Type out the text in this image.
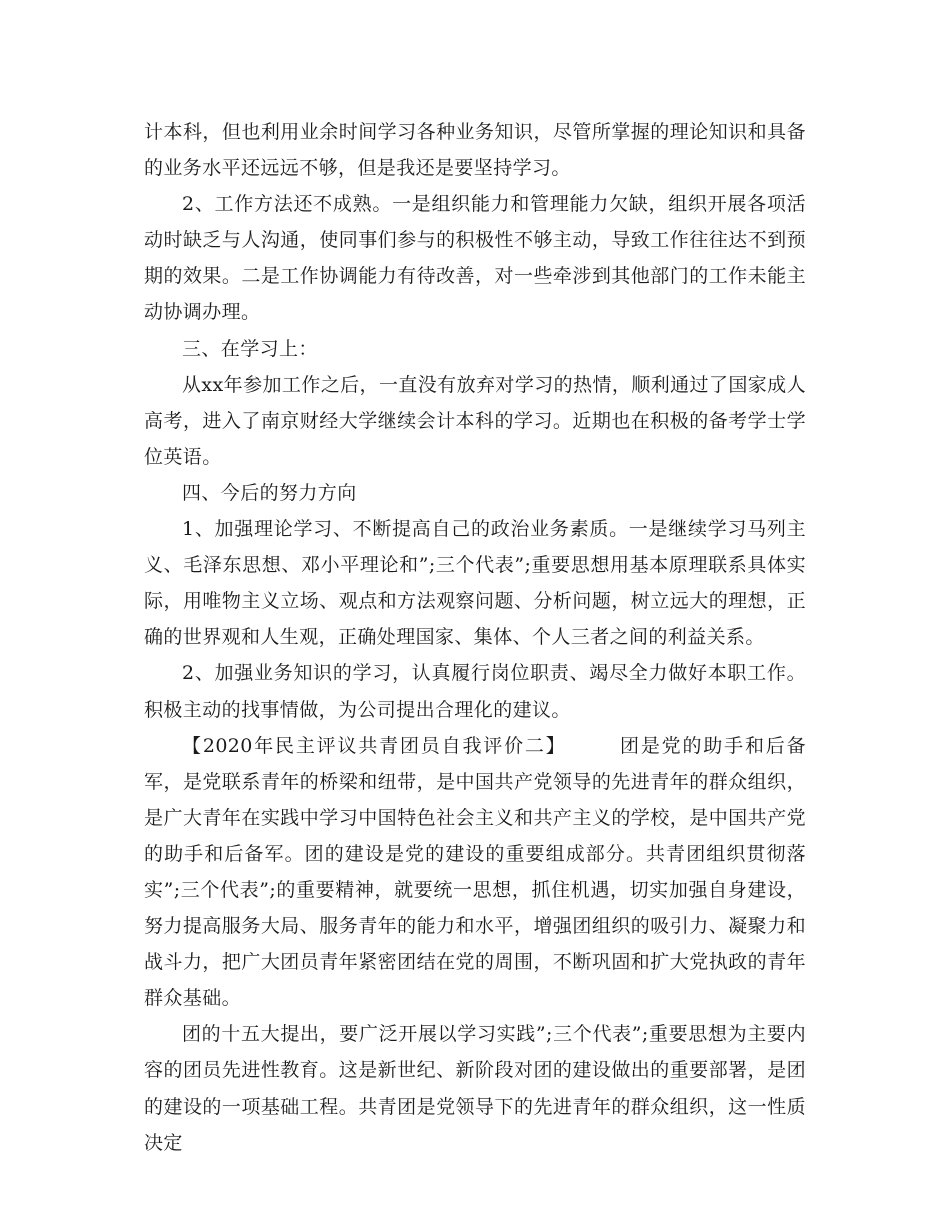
计本科，但也利用业余时间学习各种业务知识，尽管所掌握的理论知识和具备的业务水平还远远不够，但是我还是要坚持学习。

2、工作方法还不成熟。一是组织能力和管理能力欠缺，组织开展各项活动时缺乏与人沟通，使同事们参与的积极性不够主动，导致工作往往达不到预期的效果。二是工作协调能力有待改善，对一些牵涉到其他部门的工作未能主动协调办理。

三、在学习上：

从xx年参加工作之后，一直没有放弃对学习的热情，顺利通过了国家成人高考，进入了南京财经大学继续会计本科的学习。近期也在积极的备考学士学位英语。

四、今后的努力方向

1、加强理论学习、不断提高自己的政治业务素质。一是继续学习马列主义、毛泽东思想、邓小平理论和”;三个代表”;重要思想用基本原理联系具体实际，用唯物主义立场、观点和方法观察问题、分析问题，树立远大的理想，正确的世界观和人生观，正确处理国家、集体、个人三者之间的利益关系。

2、加强业务知识的学习，认真履行岗位职责、竭尽全力做好本职工作。积极主动的找事情做，为公司提出合理化的建议。

【2020年民主评议共青团员自我评价二】	团是党的助手和后备军，是党联系青年的桥梁和纽带，是中国共产党领导的先进青年的群众组织，是广大青年在实践中学习中国特色社会主义和共产主义的学校，是中国共产党的助手和后备军。团的建设是党的建设的重要组成部分。共青团组织贯彻落实”;三个代表”;的重要精神，就要统一思想，抓住机遇，切实加强自身建设，努力提高服务大局、服务青年的能力和水平，增强团组织的吸引力、凝聚力和战斗力，把广大团员青年紧密团结在党的周围，不断巩固和扩大党执政的青年群众基础。

团的十五大提出，要广泛开展以学习实践”;三个代表”;重要思想为主要内容的团员先进性教育。这是新世纪、新阶段对团的建设做出的重要部署，是团的建设的一项基础工程。共青团是党领导下的先进青年的群众组织，这一性质决定
